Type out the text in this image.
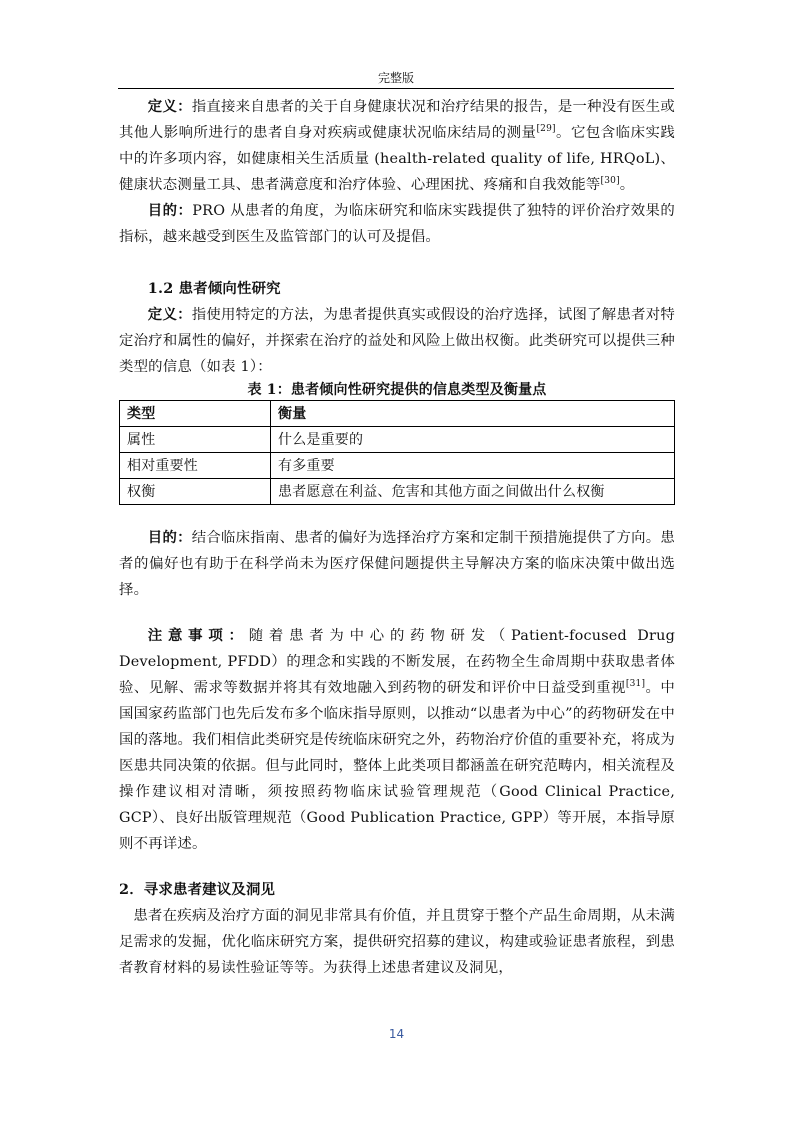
完整版

定义：指直接来自患者的关于自身健康状况和治疗结果的报告，是一种没有医生或其他人影响所进行的患者自身对疾病或健康状况临床结局的测量[29]。它包含临床实践中的许多项内容，如健康相关生活质量 (health-related quality of life, HRQoL)、健康状态测量工具、患者满意度和治疗体验、心理困扰、疼痛和自我效能等[30]。

目的：PRO 从患者的角度，为临床研究和临床实践提供了独特的评价治疗效果的指标，越来越受到医生及监管部门的认可及提倡。

1.2 患者倾向性研究

定义：指使用特定的方法，为患者提供真实或假设的治疗选择，试图了解患者对特定治疗和属性的偏好，并探索在治疗的益处和风险上做出权衡。此类研究可以提供三种类型的信息（如表 1）：

表 1：患者倾向性研究提供的信息类型及衡量点

类型	衡量
属性	什么是重要的
相对重要性	有多重要
权衡	患者愿意在利益、危害和其他方面之间做出什么权衡

目的：结合临床指南、患者的偏好为选择治疗方案和定制干预措施提供了方向。患者的偏好也有助于在科学尚未为医疗保健问题提供主导解决方案的临床决策中做出选择。

注意事项：随着患者为中心的药物研发（Patient-focused Drug Development, PFDD）的理念和实践的不断发展，在药物全生命周期中获取患者体验、见解、需求等数据并将其有效地融入到药物的研发和评价中日益受到重视[31]。中国国家药监部门也先后发布多个临床指导原则，以推动“以患者为中心”的药物研发在中国的落地。我们相信此类研究是传统临床研究之外，药物治疗价值的重要补充，将成为医患共同决策的依据。但与此同时，整体上此类项目都涵盖在研究范畴内，相关流程及操作建议相对清晰，须按照药物临床试验管理规范（Good Clinical Practice, GCP）、良好出版管理规范（Good Publication Practice, GPP）等开展，本指导原则不再详述。

2．寻求患者建议及洞见

患者在疾病及治疗方面的洞见非常具有价值，并且贯穿于整个产品生命周期，从未满足需求的发掘，优化临床研究方案，提供研究招募的建议，构建或验证患者旅程，到患者教育材料的易读性验证等等。为获得上述患者建议及洞见，

14
